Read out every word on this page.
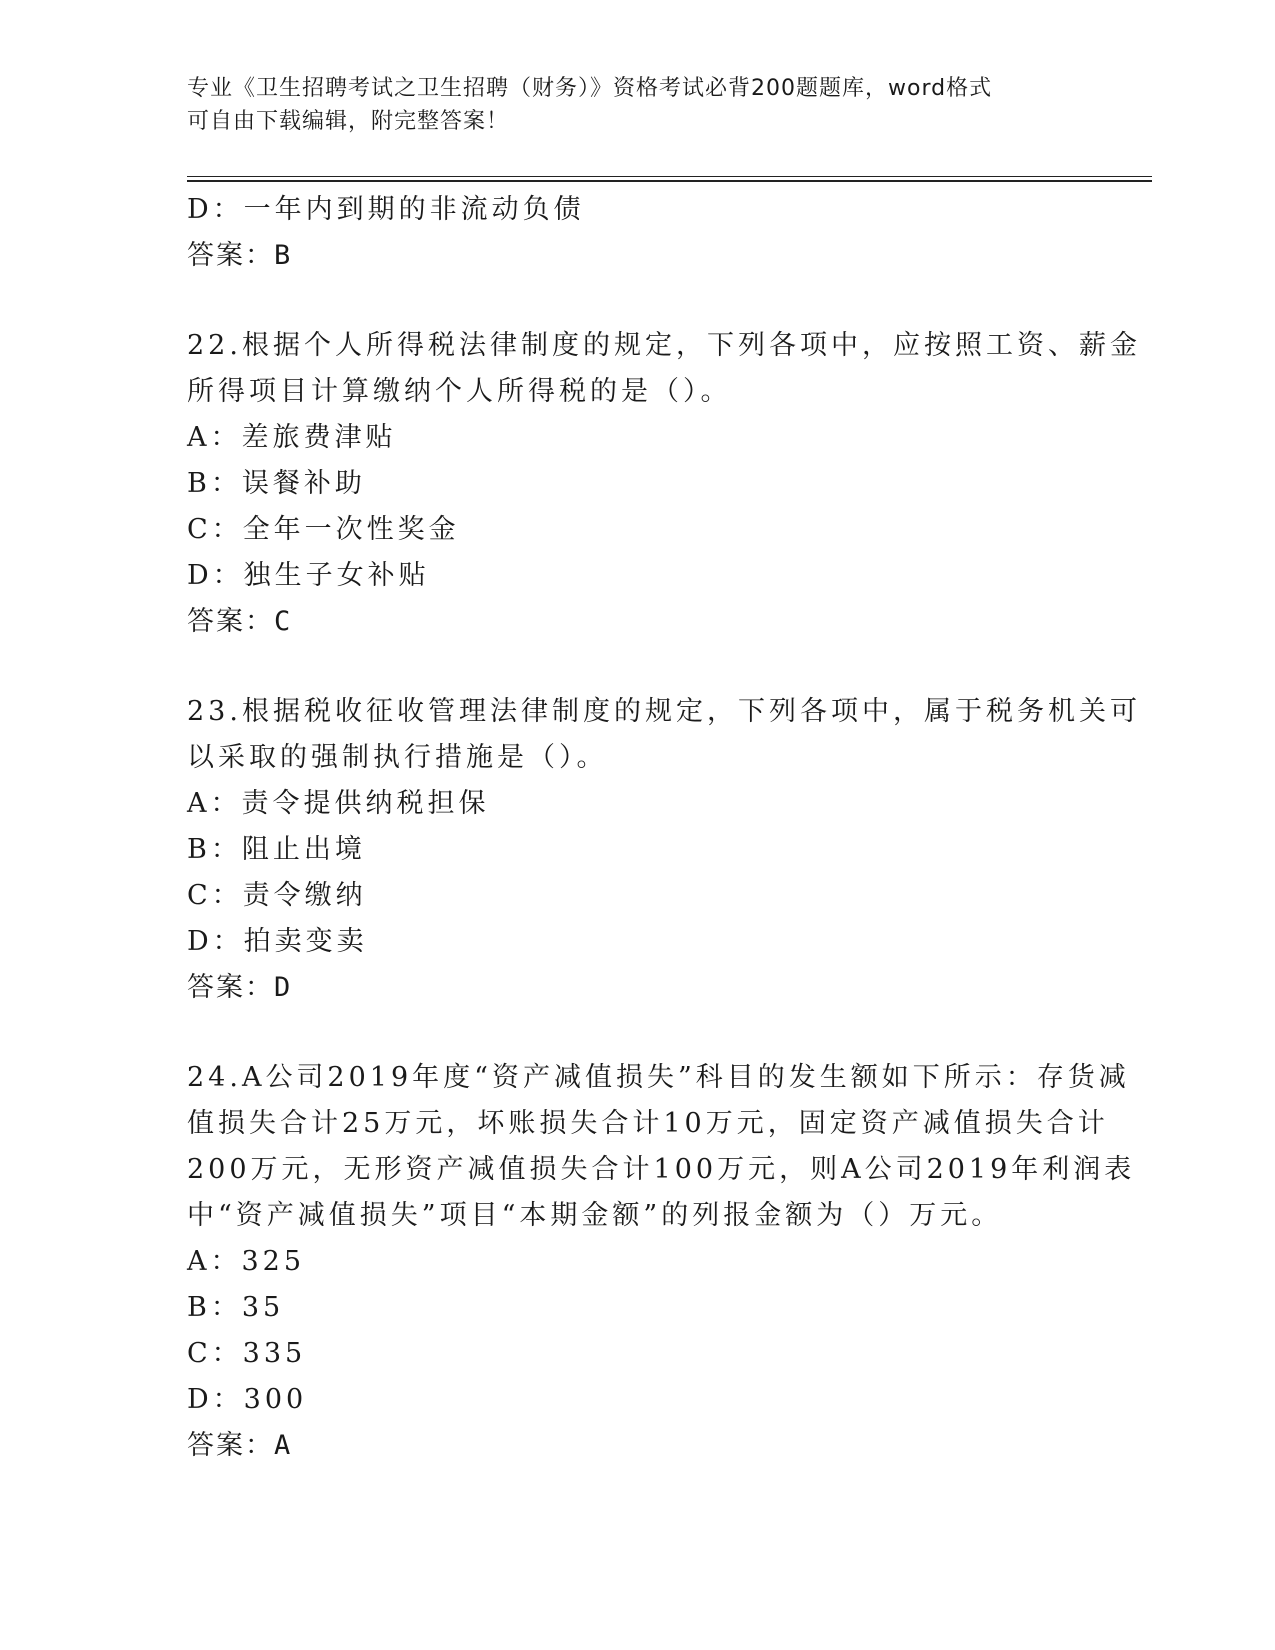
专业《卫生招聘考试之卫生招聘（财务）》资格考试必背200题题库，word格式
可自由下载编辑，附完整答案！
D：一年内到期的非流动负债
答案：B
22.根据个人所得税法律制度的规定，下列各项中，应按照工资、薪金
所得项目计算缴纳个人所得税的是（）。
A：差旅费津贴
B：误餐补助
C：全年一次性奖金
D：独生子女补贴
答案：C
23.根据税收征收管理法律制度的规定，下列各项中，属于税务机关可
以采取的强制执行措施是（）。
A：责令提供纳税担保
B：阻止出境
C：责令缴纳
D：拍卖变卖
答案：D
24.A公司2019年度“资产减值损失”科目的发生额如下所示：存货减
值损失合计25万元，坏账损失合计10万元，固定资产减值损失合计
200万元，无形资产减值损失合计100万元，则A公司2019年利润表
中“资产减值损失”项目“本期金额”的列报金额为（）万元。
A：325
B：35
C：335
D：300
答案：A
